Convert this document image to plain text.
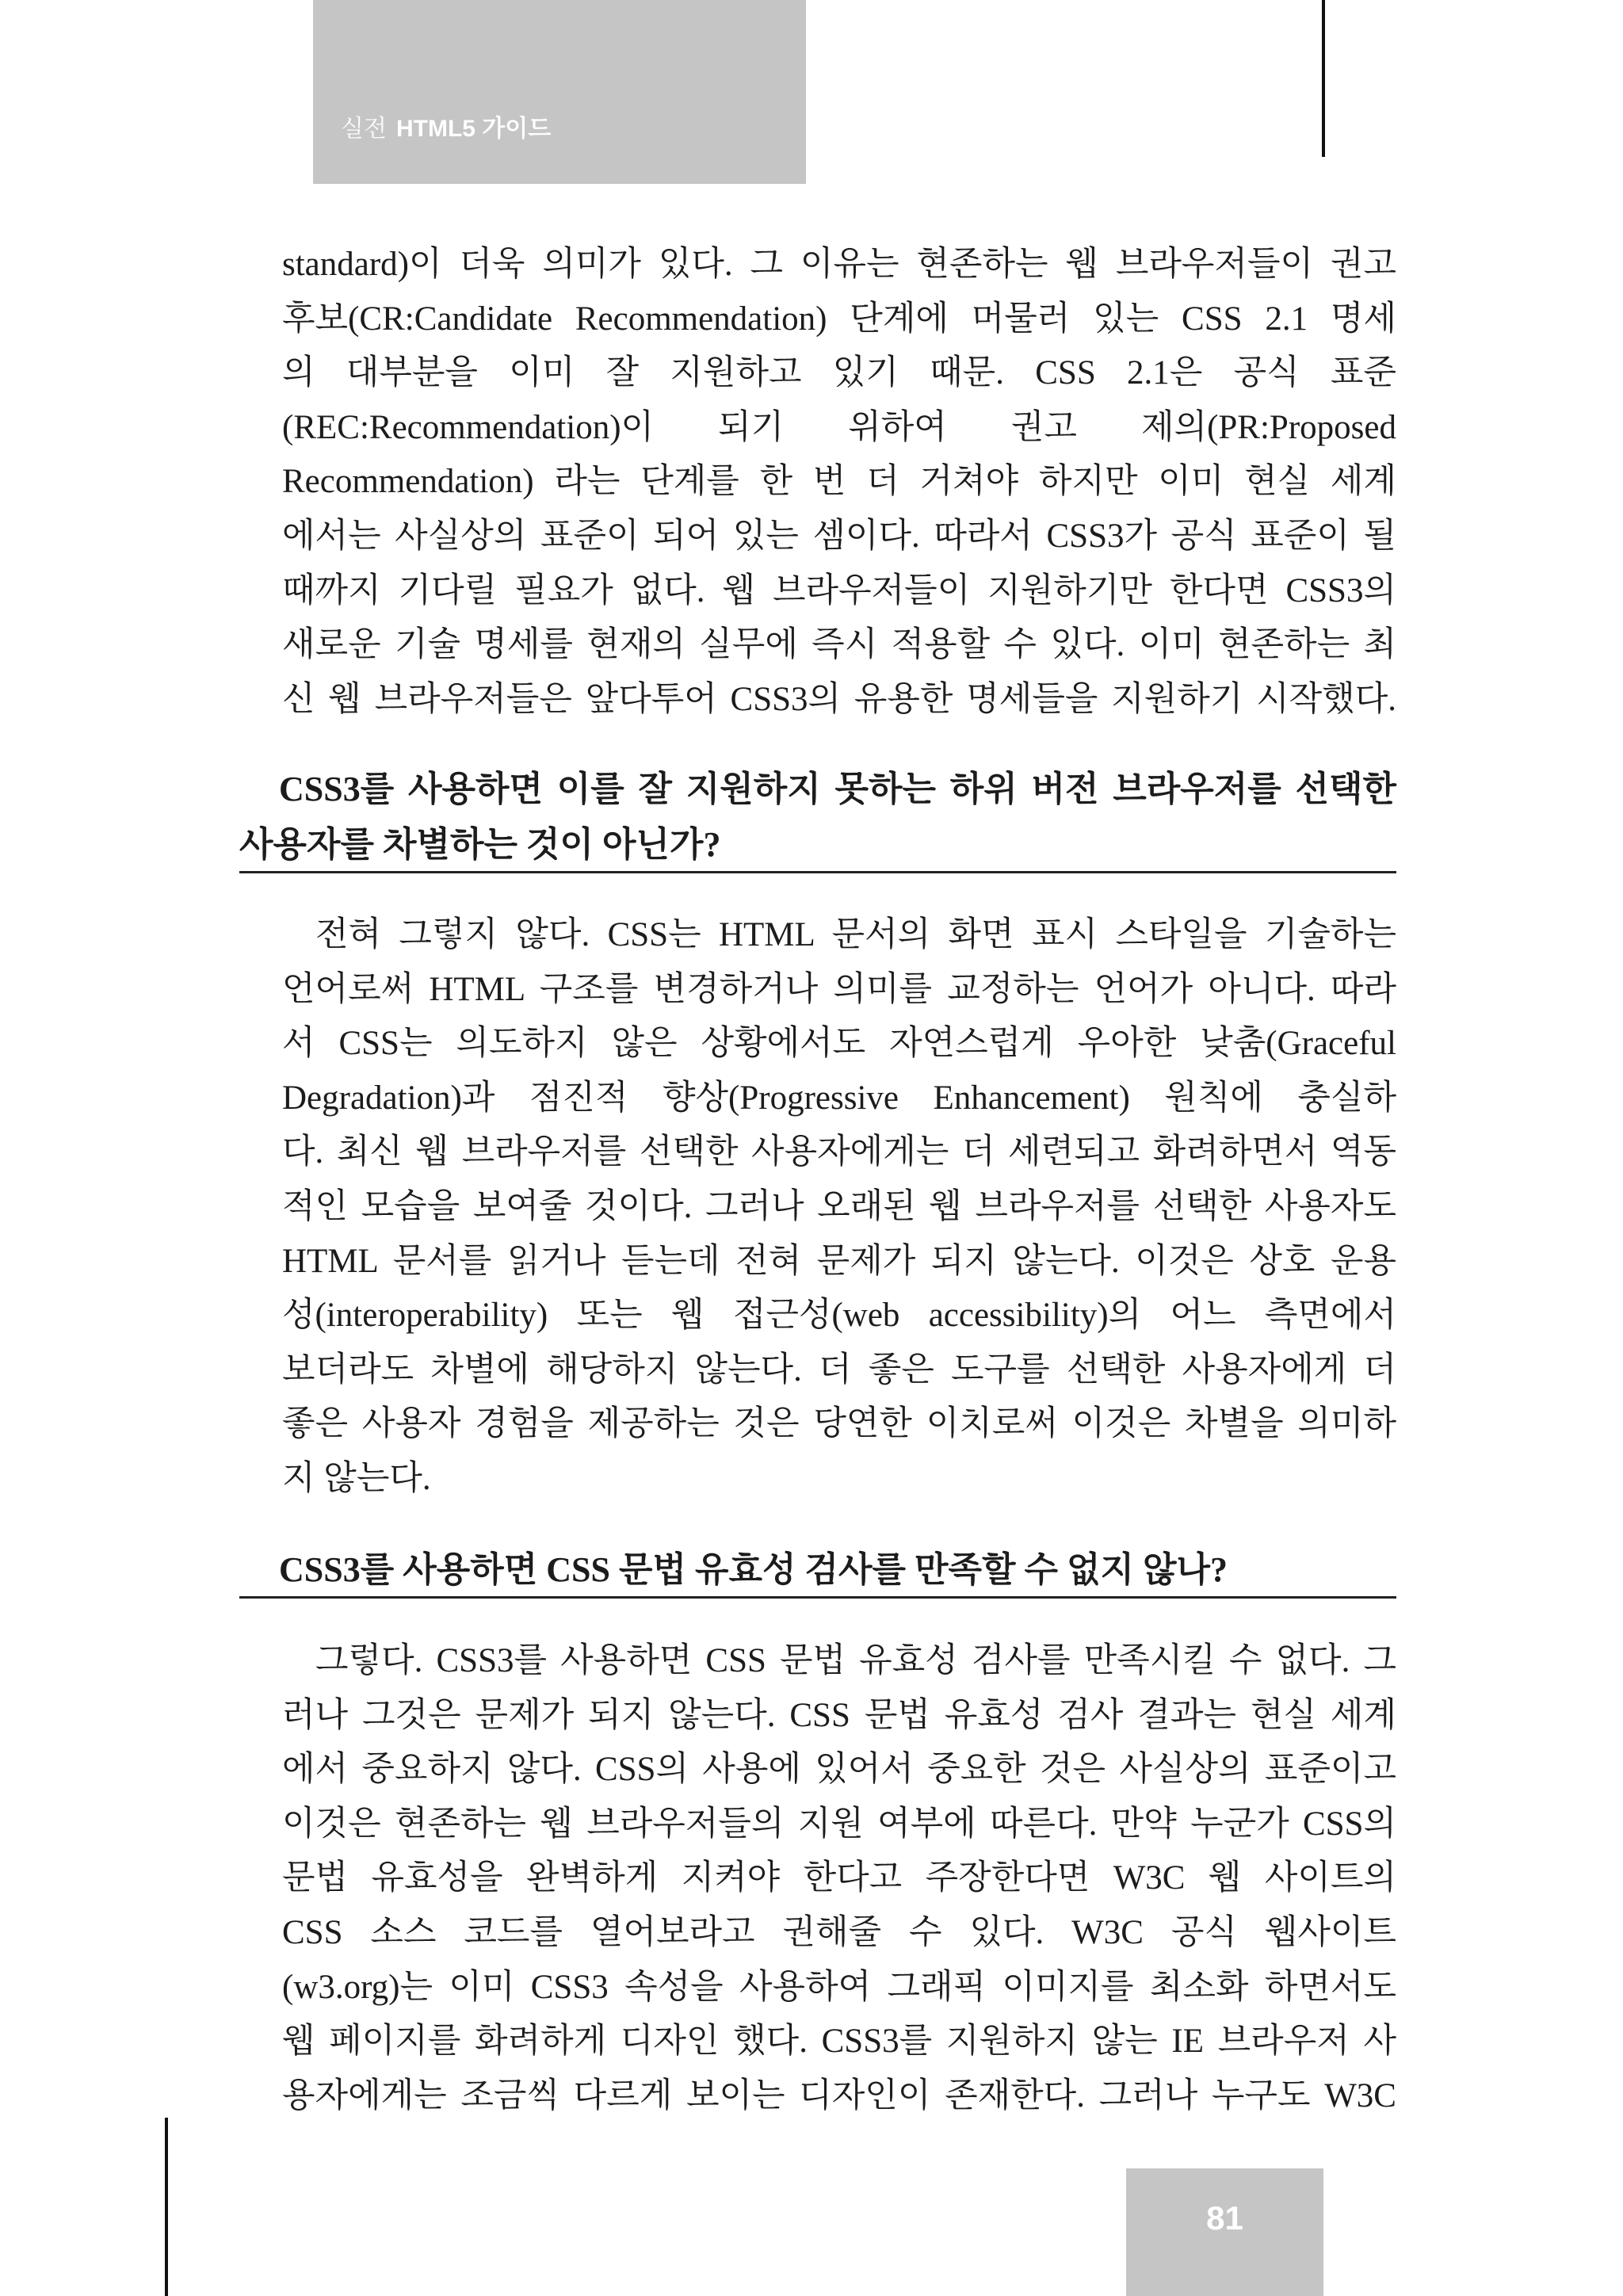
실전 HTML5 가이드
standard)이 더욱 의미가 있다. 그 이유는 현존하는 웹 브라우저들이 권고
후보(CR:Candidate Recommendation) 단계에 머물러 있는 CSS 2.1 명세
의 대부분을 이미 잘 지원하고 있기 때문. CSS 2.1은 공식 표준
(REC:Recommendation)이 되기 위하여 권고 제의(PR:Proposed
Recommendation) 라는 단계를 한 번 더 거쳐야 하지만 이미 현실 세계
에서는 사실상의 표준이 되어 있는 셈이다. 따라서 CSS3가 공식 표준이 될
때까지 기다릴 필요가 없다. 웹 브라우저들이 지원하기만 한다면 CSS3의
새로운 기술 명세를 현재의 실무에 즉시 적용할 수 있다. 이미 현존하는 최
신 웹 브라우저들은 앞다투어 CSS3의 유용한 명세들을 지원하기 시작했다.
CSS3를 사용하면 이를 잘 지원하지 못하는 하위 버전 브라우저를 선택한
사용자를 차별하는 것이 아닌가?
전혀 그렇지 않다. CSS는 HTML 문서의 화면 표시 스타일을 기술하는
언어로써 HTML 구조를 변경하거나 의미를 교정하는 언어가 아니다. 따라
서 CSS는 의도하지 않은 상황에서도 자연스럽게 우아한 낮춤(Graceful
Degradation)과 점진적 향상(Progressive Enhancement) 원칙에 충실하
다. 최신 웹 브라우저를 선택한 사용자에게는 더 세련되고 화려하면서 역동
적인 모습을 보여줄 것이다. 그러나 오래된 웹 브라우저를 선택한 사용자도
HTML 문서를 읽거나 듣는데 전혀 문제가 되지 않는다. 이것은 상호 운용
성(interoperability) 또는 웹 접근성(web accessibility)의 어느 측면에서
보더라도 차별에 해당하지 않는다. 더 좋은 도구를 선택한 사용자에게 더
좋은 사용자 경험을 제공하는 것은 당연한 이치로써 이것은 차별을 의미하
지 않는다.
CSS3를 사용하면 CSS 문법 유효성 검사를 만족할 수 없지 않나?
그렇다. CSS3를 사용하면 CSS 문법 유효성 검사를 만족시킬 수 없다. 그
러나 그것은 문제가 되지 않는다. CSS 문법 유효성 검사 결과는 현실 세계
에서 중요하지 않다. CSS의 사용에 있어서 중요한 것은 사실상의 표준이고
이것은 현존하는 웹 브라우저들의 지원 여부에 따른다. 만약 누군가 CSS의
문법 유효성을 완벽하게 지켜야 한다고 주장한다면 W3C 웹 사이트의
CSS 소스 코드를 열어보라고 권해줄 수 있다. W3C 공식 웹사이트
(w3.org)는 이미 CSS3 속성을 사용하여 그래픽 이미지를 최소화 하면서도
웹 페이지를 화려하게 디자인 했다. CSS3를 지원하지 않는 IE 브라우저 사
용자에게는 조금씩 다르게 보이는 디자인이 존재한다. 그러나 누구도 W3C
81
